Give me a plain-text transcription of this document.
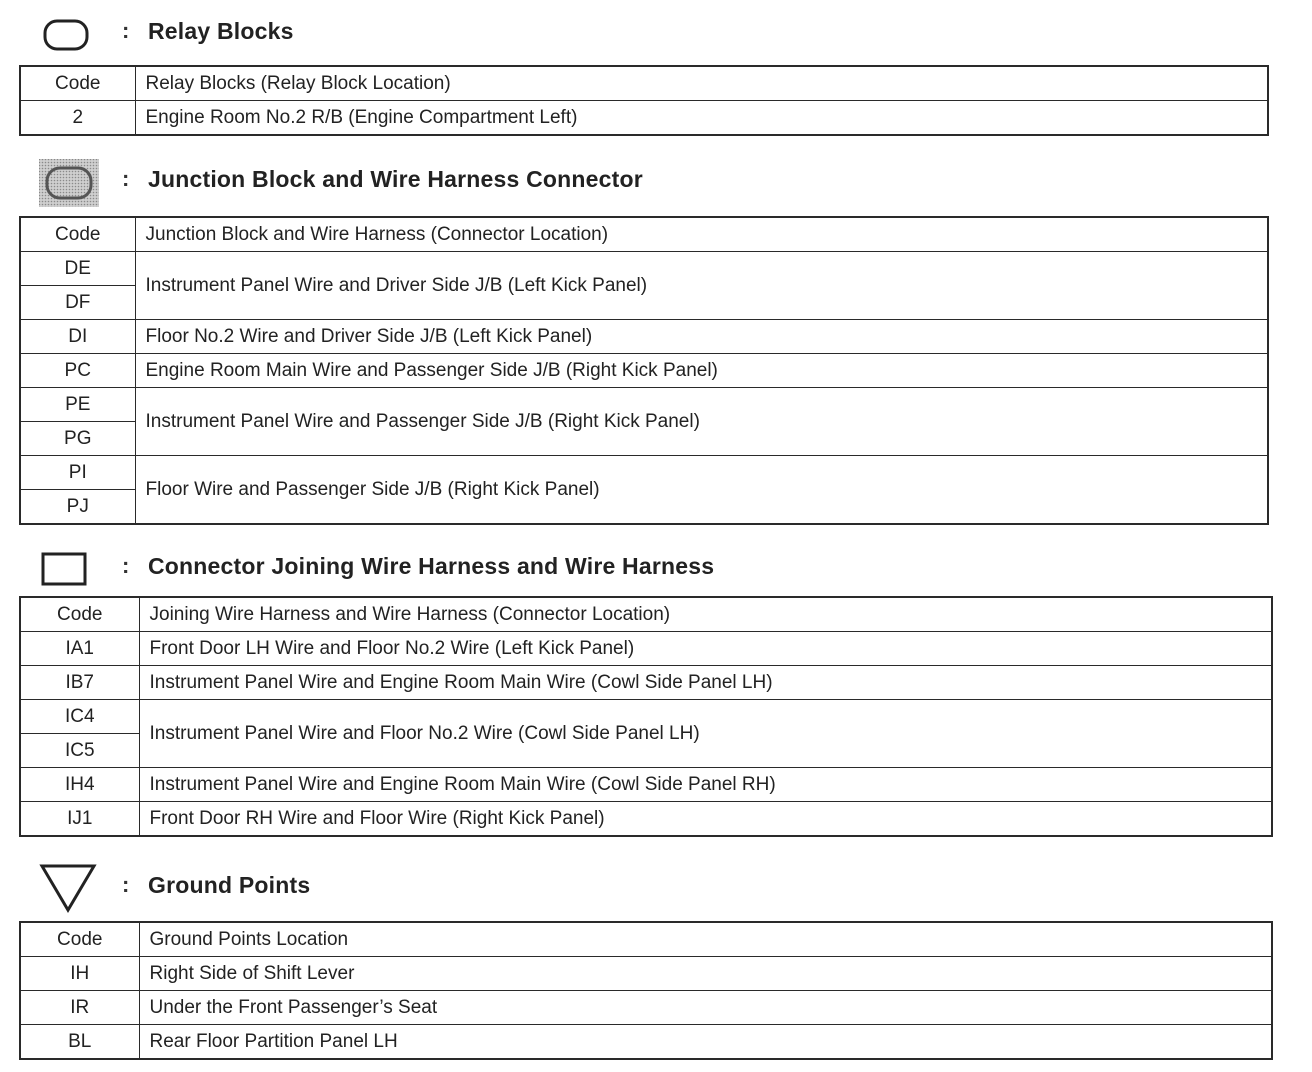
: Relay Blocks
Code	Relay Blocks (Relay Block Location)
2	Engine Room No.2 R/B (Engine Compartment Left)
: Junction Block and Wire Harness Connector
Code	Junction Block and Wire Harness (Connector Location)
DE	Instrument Panel Wire and Driver Side J/B (Left Kick Panel)
DF	
DI	Floor No.2 Wire and Driver Side J/B (Left Kick Panel)
PC	Engine Room Main Wire and Passenger Side J/B (Right Kick Panel)
PE	Instrument Panel Wire and Passenger Side J/B (Right Kick Panel)
PG	
PI	Floor Wire and Passenger Side J/B (Right Kick Panel)
PJ	
: Connector Joining Wire Harness and Wire Harness
Code	Joining Wire Harness and Wire Harness (Connector Location)
IA1	Front Door LH Wire and Floor No.2 Wire (Left Kick Panel)
IB7	Instrument Panel Wire and Engine Room Main Wire (Cowl Side Panel LH)
IC4	Instrument Panel Wire and Floor No.2 Wire (Cowl Side Panel LH)
IC5	
IH4	Instrument Panel Wire and Engine Room Main Wire (Cowl Side Panel RH)
IJ1	Front Door RH Wire and Floor Wire (Right Kick Panel)
: Ground Points
Code	Ground Points Location
IH	Right Side of Shift Lever
IR	Under the Front Passenger’s Seat
BL	Rear Floor Partition Panel LH
